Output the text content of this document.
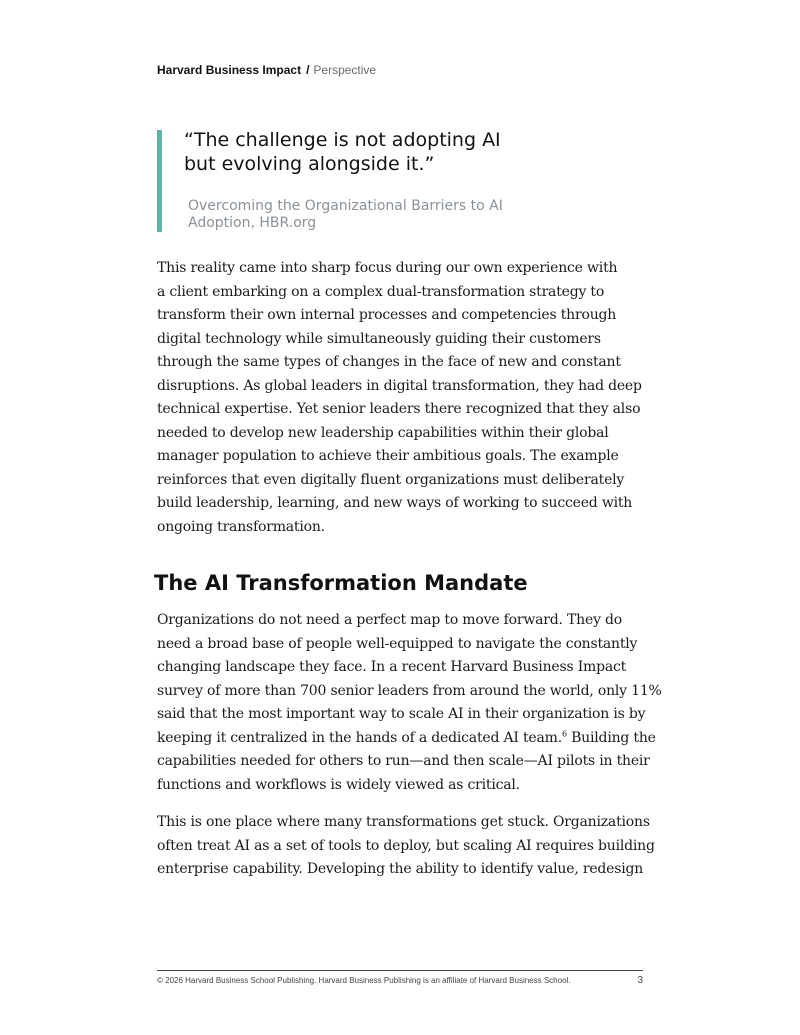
Harvard Business Impact / Perspective
“The challenge is not adopting AI
but evolving alongside it.”
Overcoming the Organizational Barriers to AI
Adoption, HBR.org

This reality came into sharp focus during our own experience with
a client embarking on a complex dual-transformation strategy to
transform their own internal processes and competencies through
digital technology while simultaneously guiding their customers
through the same types of changes in the face of new and constant
disruptions. As global leaders in digital transformation, they had deep
technical expertise. Yet senior leaders there recognized that they also
needed to develop new leadership capabilities within their global
manager population to achieve their ambitious goals. The example
reinforces that even digitally fluent organizations must deliberately
build leadership, learning, and new ways of working to succeed with
ongoing transformation.

The AI Transformation Mandate

Organizations do not need a perfect map to move forward. They do
need a broad base of people well-equipped to navigate the constantly
changing landscape they face. In a recent Harvard Business Impact
survey of more than 700 senior leaders from around the world, only 11%
said that the most important way to scale AI in their organization is by
keeping it centralized in the hands of a dedicated AI team.$^6$ Building the
capabilities needed for others to run—and then scale—AI pilots in their
functions and workflows is widely viewed as critical.

This is one place where many transformations get stuck. Organizations
often treat AI as a set of tools to deploy, but scaling AI requires building
enterprise capability. Developing the ability to identify value, redesign

© 2026 Harvard Business School Publishing. Harvard Business Publishing is an affiliate of Harvard Business School.	3
